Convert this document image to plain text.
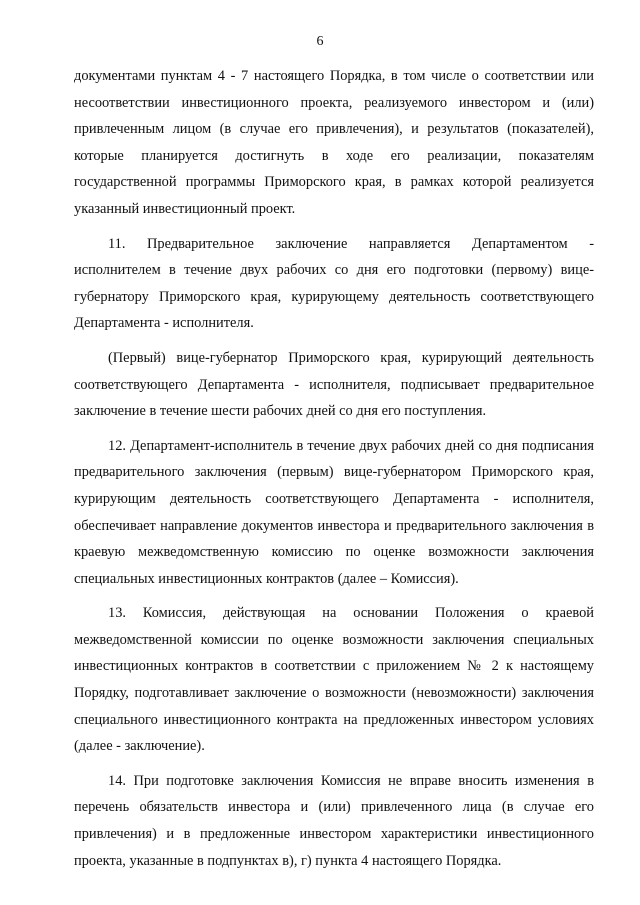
6

документами пунктам 4 - 7 настоящего Порядка, в том числе о соответствии или несоответствии инвестиционного проекта, реализуемого инвестором и (или) привлеченным лицом (в случае его привлечения), и результатов (показателей), которые планируется достигнуть в ходе его реализации, показателям государственной программы Приморского края, в рамках которой реализуется указанный инвестиционный проект.

11. Предварительное заключение направляется Департаментом - исполнителем в течение двух рабочих со дня его подготовки (первому) вице-губернатору Приморского края, курирующему деятельность соответствующего Департамента - исполнителя.

(Первый) вице-губернатор Приморского края, курирующий деятельность соответствующего Департамента - исполнителя, подписывает предварительное заключение в течение шести рабочих дней со дня его поступления.

12. Департамент-исполнитель в течение двух рабочих дней со дня подписания предварительного заключения (первым) вице-губернатором Приморского края, курирующим деятельность соответствующего Департамента - исполнителя, обеспечивает направление документов инвестора и предварительного заключения в краевую межведомственную комиссию по оценке возможности заключения специальных инвестиционных контрактов (далее – Комиссия).

13. Комиссия, действующая на основании Положения о краевой межведомственной комиссии по оценке возможности заключения специальных инвестиционных контрактов в соответствии с приложением № 2 к настоящему Порядку, подготавливает заключение о возможности (невозможности) заключения специального инвестиционного контракта на предложенных инвестором условиях (далее - заключение).

14. При подготовке заключения Комиссия не вправе вносить изменения в перечень обязательств инвестора и (или) привлеченного лица (в случае его привлечения) и в предложенные инвестором характеристики инвестиционного проекта, указанные в подпунктах в), г) пункта 4 настоящего Порядка.
